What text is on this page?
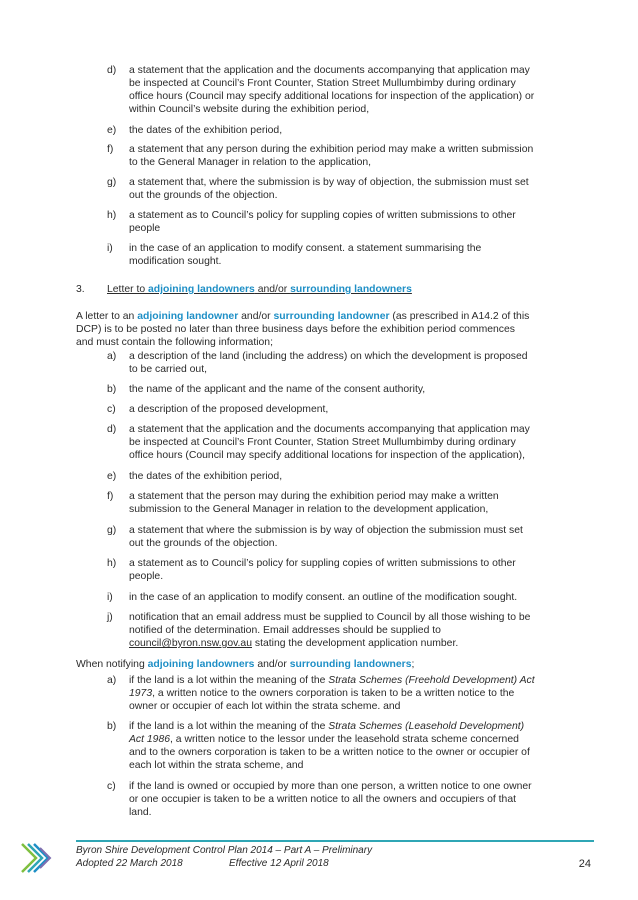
d) a statement that the application and the documents accompanying that application may
be inspected at Council’s Front Counter, Station Street Mullumbimby during ordinary
office hours (Council may specify additional locations for inspection of the application) or
within Council’s website during the exhibition period,
e) the dates of the exhibition period,
f) a statement that any person during the exhibition period may make a written submission
to the General Manager in relation to the application,
g) a statement that, where the submission is by way of objection, the submission must set
out the grounds of the objection.
h) a statement as to Council’s policy for suppling copies of written submissions to other
people
i) in the case of an application to modify consent. a statement summarising the
modification sought.
3. Letter to adjoining landowners and/or surrounding landowners
A letter to an adjoining landowner and/or surrounding landowner (as prescribed in A14.2 of this
DCP) is to be posted no later than three business days before the exhibition period commences
and must contain the following information;
a) a description of the land (including the address) on which the development is proposed
to be carried out,
b) the name of the applicant and the name of the consent authority,
c) a description of the proposed development,
d) a statement that the application and the documents accompanying that application may
be inspected at Council’s Front Counter, Station Street Mullumbimby during ordinary
office hours (Council may specify additional locations for inspection of the application),
e) the dates of the exhibition period,
f) a statement that the person may during the exhibition period may make a written
submission to the General Manager in relation to the development application,
g) a statement that where the submission is by way of objection the submission must set
out the grounds of the objection.
h) a statement as to Council’s policy for suppling copies of written submissions to other
people.
i) in the case of an application to modify consent. an outline of the modification sought.
j) notification that an email address must be supplied to Council by all those wishing to be
notified of the determination. Email addresses should be supplied to
council@byron.nsw.gov.au stating the development application number.
When notifying adjoining landowners and/or surrounding landowners;
a) if the land is a lot within the meaning of the Strata Schemes (Freehold Development) Act
1973, a written notice to the owners corporation is taken to be a written notice to the
owner or occupier of each lot within the strata scheme. and
b) if the land is a lot within the meaning of the Strata Schemes (Leasehold Development)
Act 1986, a written notice to the lessor under the leasehold strata scheme concerned
and to the owners corporation is taken to be a written notice to the owner or occupier of
each lot within the strata scheme, and
c) if the land is owned or occupied by more than one person, a written notice to one owner
or one occupier is taken to be a written notice to all the owners and occupiers of that
land.
Byron Shire Development Control Plan 2014 – Part A – Preliminary
Adopted 22 March 2018	Effective 12 April 2018	24
